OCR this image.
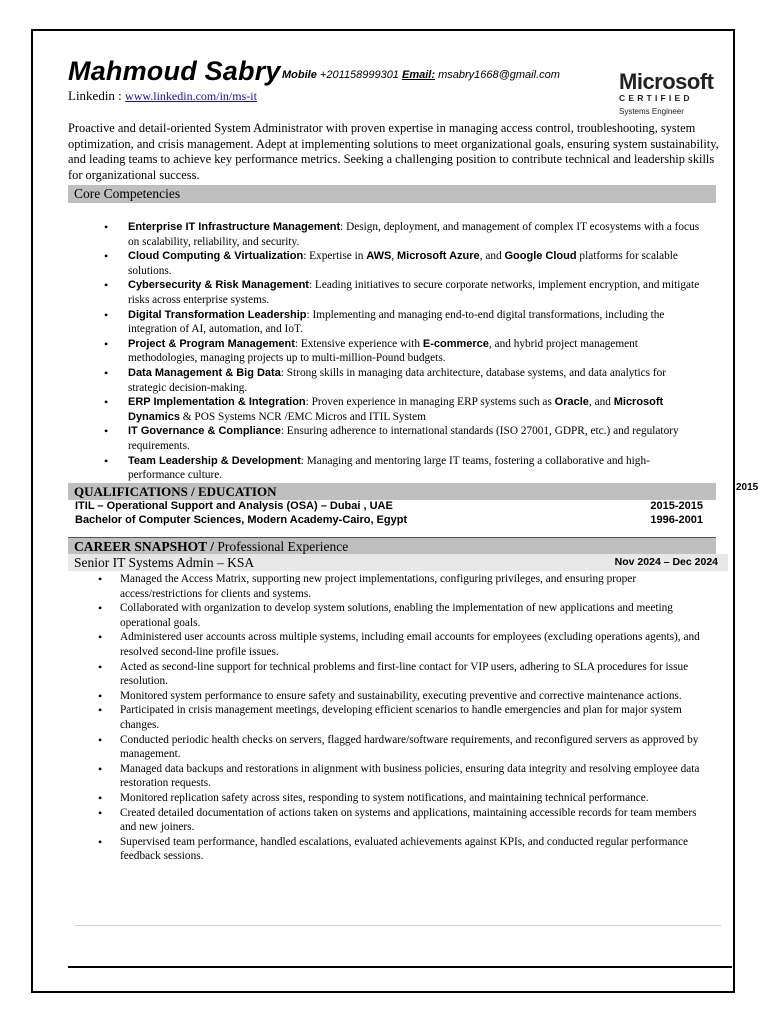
Mahmoud Sabry Mobile +201158999301 Email: msabry1668@gmail.com
Linkedin : www.linkedin.com/in/ms-it
Microsoft
CERTIFIED
Systems Engineer
Proactive and detail-oriented System Administrator with proven expertise in managing access control, troubleshooting, system optimization, and crisis management. Adept at implementing solutions to meet organizational goals, ensuring system sustainability, and leading teams to achieve key performance metrics. Seeking a challenging position to contribute technical and leadership skills for organizational success.
Core Competencies
• Enterprise IT Infrastructure Management: Design, deployment, and management of complex IT ecosystems with a focus on scalability, reliability, and security.
• Cloud Computing & Virtualization: Expertise in AWS, Microsoft Azure, and Google Cloud platforms for scalable solutions.
• Cybersecurity & Risk Management: Leading initiatives to secure corporate networks, implement encryption, and mitigate risks across enterprise systems.
• Digital Transformation Leadership: Implementing and managing end-to-end digital transformations, including the integration of AI, automation, and IoT.
• Project & Program Management: Extensive experience with E-commerce, and hybrid project management methodologies, managing projects up to multi-million-Pound budgets.
• Data Management & Big Data: Strong skills in managing data architecture, database systems, and data analytics for strategic decision-making.
• ERP Implementation & Integration: Proven experience in managing ERP systems such as Oracle, and Microsoft Dynamics & POS Systems NCR /EMC Micros and ITIL System
• IT Governance & Compliance: Ensuring adherence to international standards (ISO 27001, GDPR, etc.) and regulatory requirements.
• Team Leadership & Development: Managing and mentoring large IT teams, fostering a collaborative and high-performance culture.
2015
QUALIFICATIONS / EDUCATION
ITIL – Operational Support and Analysis (OSA) – Dubai , UAE	2015-2015
Bachelor of Computer Sciences, Modern Academy-Cairo, Egypt	1996-2001
CAREER SNAPSHOT / Professional Experience
Senior IT Systems Admin – KSA	Nov 2024 – Dec 2024
• Managed the Access Matrix, supporting new project implementations, configuring privileges, and ensuring proper access/restrictions for clients and systems.
• Collaborated with organization to develop system solutions, enabling the implementation of new applications and meeting operational goals.
• Administered user accounts across multiple systems, including email accounts for employees (excluding operations agents), and resolved second-line profile issues.
• Acted as second-line support for technical problems and first-line contact for VIP users, adhering to SLA procedures for issue resolution.
• Monitored system performance to ensure safety and sustainability, executing preventive and corrective maintenance actions.
• Participated in crisis management meetings, developing efficient scenarios to handle emergencies and plan for major system changes.
• Conducted periodic health checks on servers, flagged hardware/software requirements, and reconfigured servers as approved by management.
• Managed data backups and restorations in alignment with business policies, ensuring data integrity and resolving employee data restoration requests.
• Monitored replication safety across sites, responding to system notifications, and maintaining technical performance.
• Created detailed documentation of actions taken on systems and applications, maintaining accessible records for team members and new joiners.
• Supervised team performance, handled escalations, evaluated achievements against KPIs, and conducted regular performance feedback sessions.
